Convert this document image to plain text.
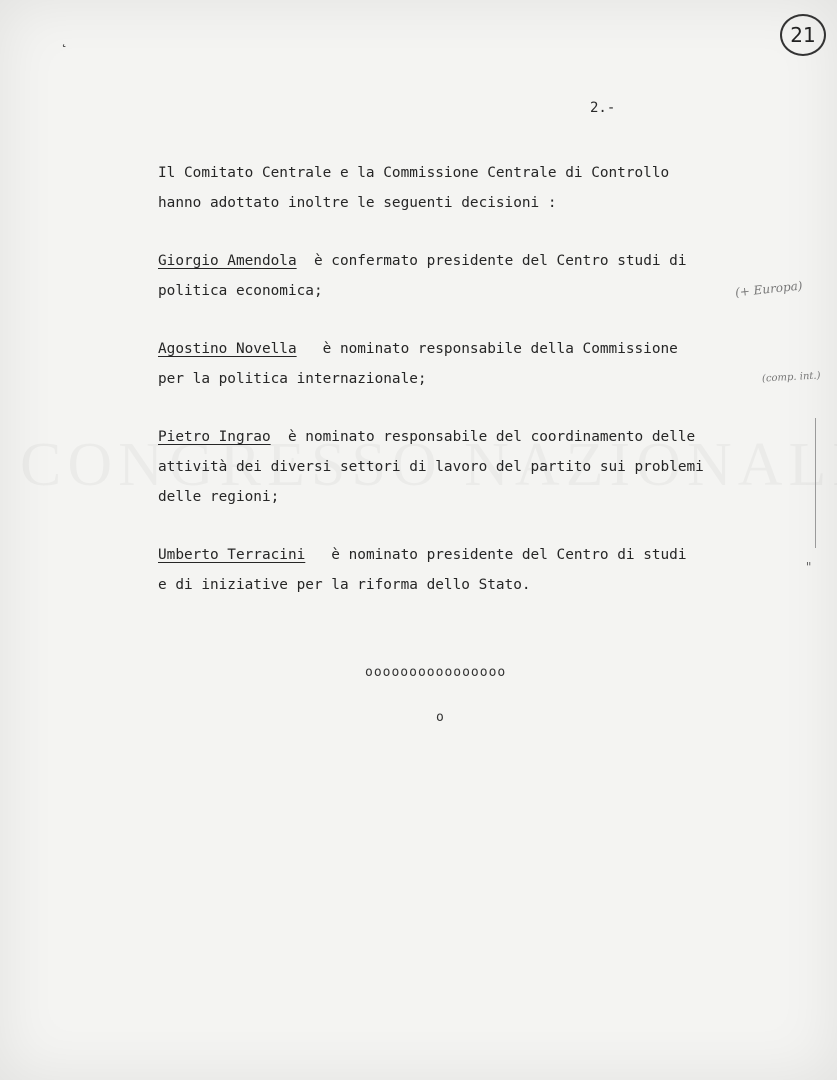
˛	21
2.-
Il Comitato Centrale e la Commissione Centrale di Controllo
hanno adottato inoltre le seguenti decisioni :
Giorgio Amendola  è confermato presidente del Centro studi di
politica economica;
Agostino Novella   è nominato responsabile della Commissione
per la politica internazionale;
Pietro Ingrao  è nominato responsabile del coordinamento delle
attività dei diversi settori di lavoro del partito sui problemi
delle regioni;
Umberto Terracini   è nominato presidente del Centro di studi
e di iniziative per la riforma dello Stato.
(+ Europa)
(comp. int.)
"
oooooooooooooooo
o
